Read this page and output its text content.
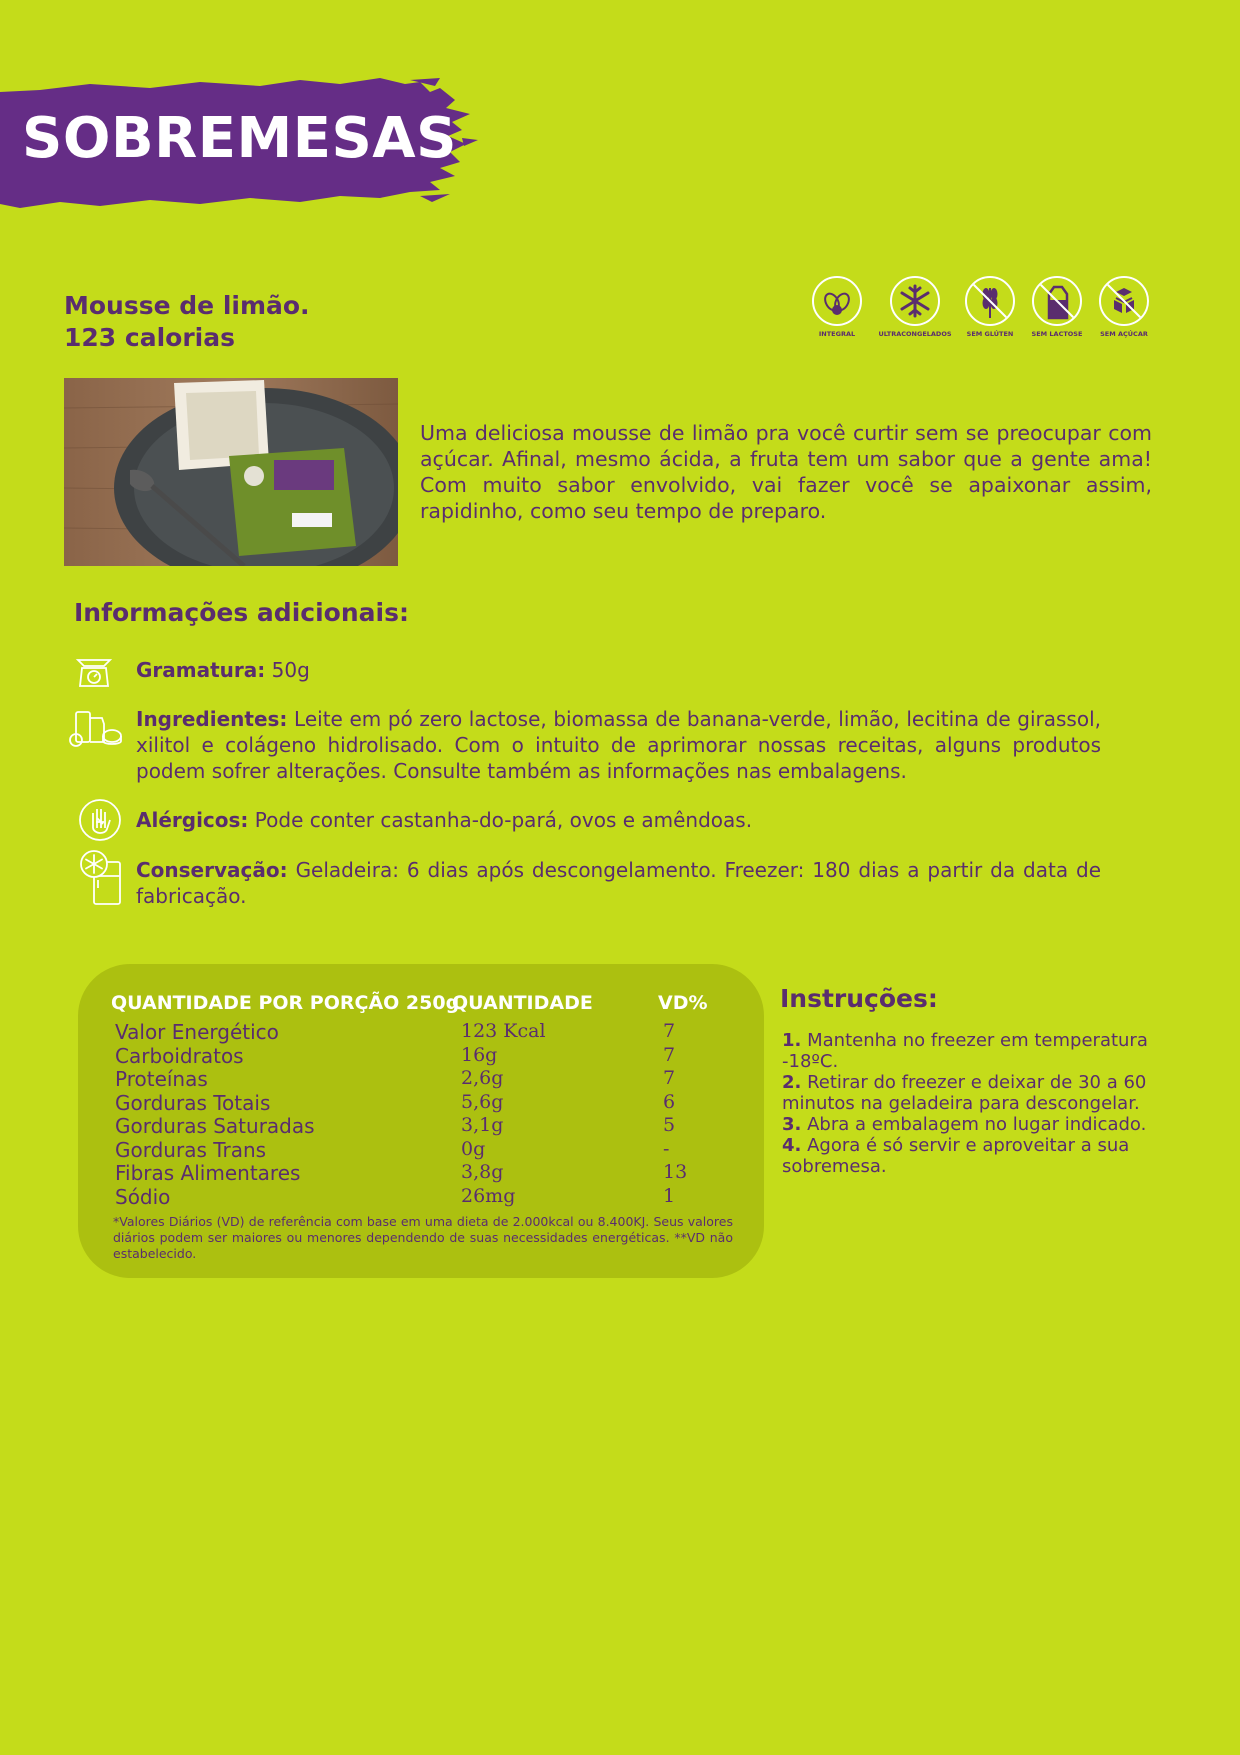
SOBREMESAS
Mousse de limão.
123 calorias	INTEGRAL	ULTRACONGELADOS	SEM GLÚTEN	SEM LACTOSE	SEM AÇÚCAR
Uma deliciosa mousse de limão pra você curtir sem se preocupar com açúcar. Afinal, mesmo ácida, a fruta tem um sabor que a gente ama! Com muito sabor envolvido, vai fazer você se apaixonar assim, rapidinho, como seu tempo de preparo.
Informações adicionais:
Gramatura: 50g
Ingredientes: Leite em pó zero lactose, biomassa de banana-verde, limão, lecitina de girassol, xilitol e colágeno hidrolisado. Com o intuito de aprimorar nossas receitas, alguns produtos podem sofrer alterações. Consulte também as informações nas embalagens.
Alérgicos: Pode conter castanha-do-pará, ovos e amêndoas.
Conservação: Geladeira: 6 dias após descongelamento. Freezer: 180 dias a partir da data de fabricação.
QUANTIDADE POR PORÇÃO 250g
QUANTIDADE	VD%
Valor Energético	123 Kcal	7
Carboidratos	16g	7
Proteínas	2,6g	7
Gorduras Totais	5,6g	6
Gorduras Saturadas	3,1g	5
Gorduras Trans	0g	-
Fibras Alimentares	3,8g	13
Sódio	26mg	1
*Valores Diários (VD) de referência com base em uma dieta de 2.000kcal ou 8.400KJ. Seus valores diários podem ser maiores ou menores dependendo de suas necessidades energéticas. **VD não estabelecido.
Instruções:
1. Mantenha no freezer em temperatura -18ºC.
2. Retirar do freezer e deixar de 30 a 60 minutos na geladeira para descongelar.
3. Abra a embalagem no lugar indicado.
4. Agora é só servir e aproveitar a sua sobremesa.
